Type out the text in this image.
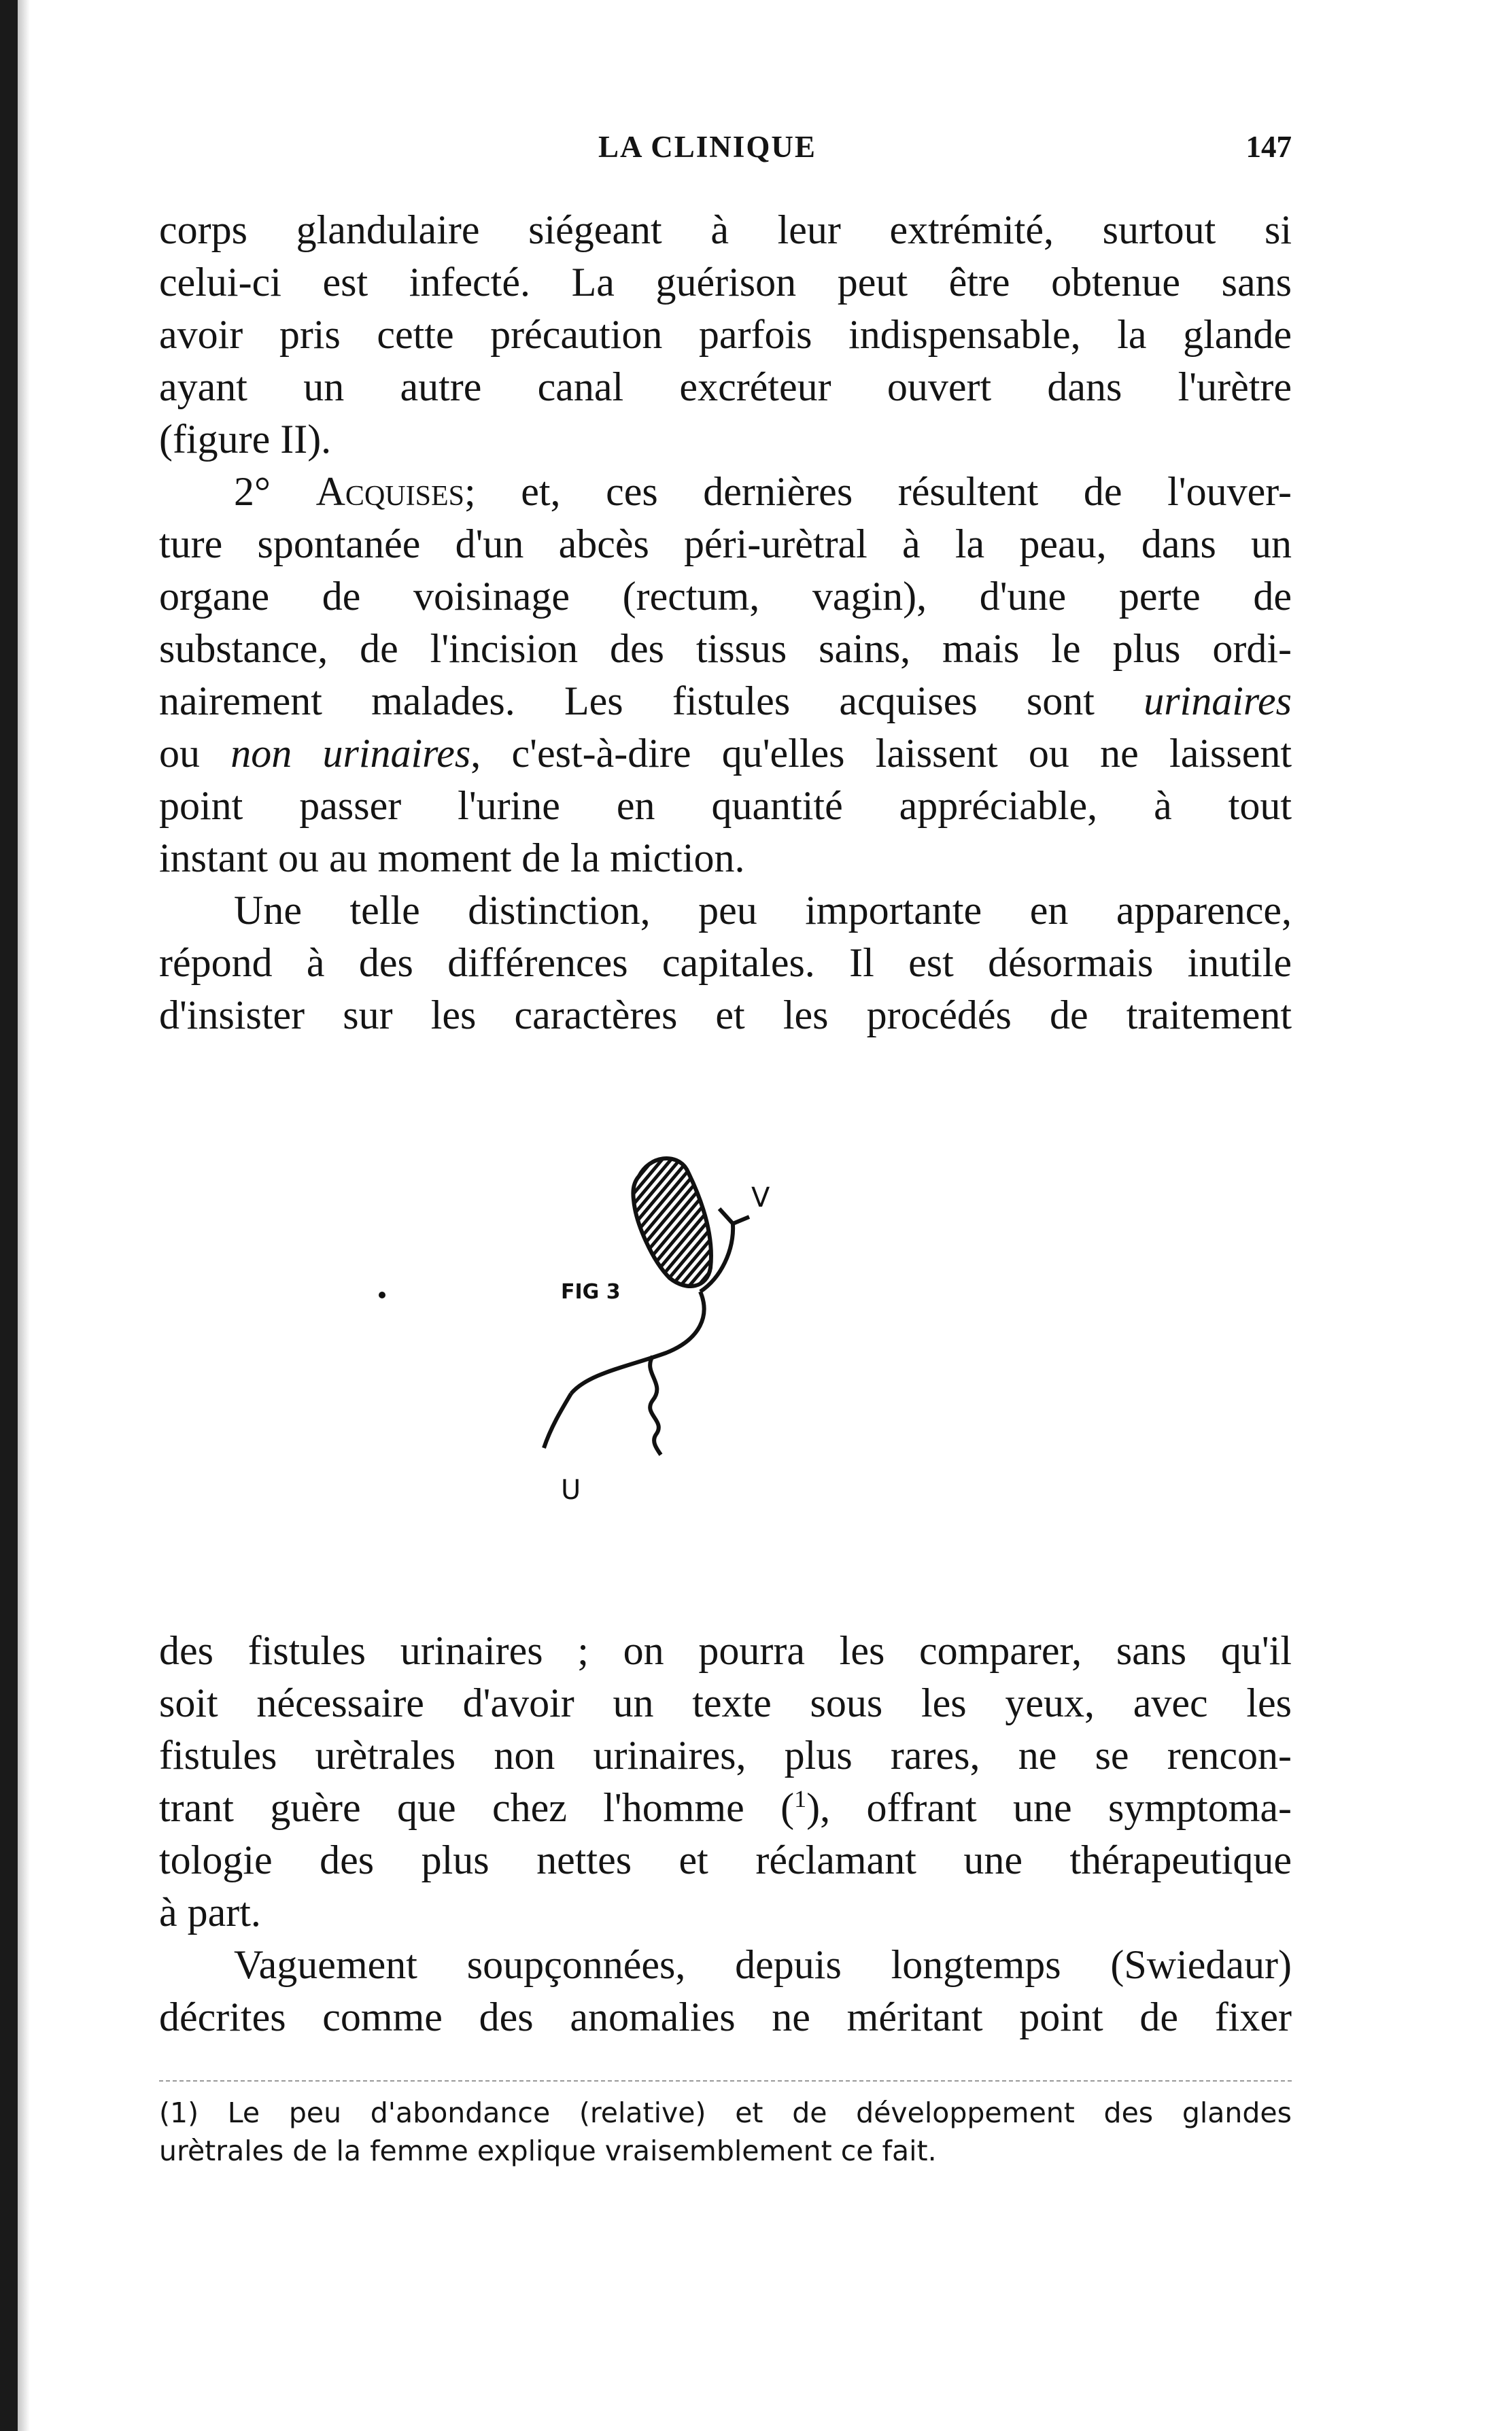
LA CLINIQUE	147

corps glandulaire siégeant à leur extrémité, surtout si

celui-ci est infecté. La guérison peut être obtenue sans

avoir pris cette précaution parfois indispensable, la glande

ayant un autre canal excréteur ouvert dans l'urètre

(figure II).

2° Acquises; et, ces dernières résultent de l'ouver-

ture spontanée d'un abcès péri-urètral à la peau, dans un

organe de voisinage (rectum, vagin), d'une perte de

substance, de l'incision des tissus sains, mais le plus ordi-

nairement malades. Les fistules acquises sont urinaires

ou non urinaires, c'est-à-dire qu'elles laissent ou ne laissent

point passer l'urine en quantité appréciable, à tout

instant ou au moment de la miction.

Une telle distinction, peu importante en apparence,

répond à des différences capitales. Il est désormais inutile

d'insister sur les caractères et les procédés de traitement

FIG 3
V
U

des fistules urinaires ; on pourra les comparer, sans qu'il

soit nécessaire d'avoir un texte sous les yeux, avec les

fistules urètrales non urinaires, plus rares, ne se rencon-

trant guère que chez l'homme ($^1$), offrant une symptoma-

tologie des plus nettes et réclamant une thérapeutique

à part.

Vaguement soupçonnées, depuis longtemps (Swiedaur)

décrites comme des anomalies ne méritant point de fixer

(1) Le peu d'abondance (relative) et de développement des glandes

urètrales de la femme explique vraisemblement ce fait.
